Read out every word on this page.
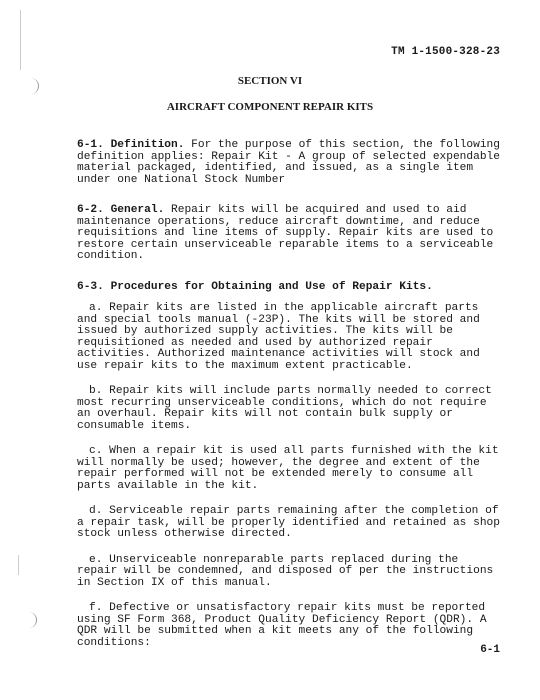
TM 1-1500-328-23
SECTION VI
AIRCRAFT COMPONENT REPAIR KITS

6-1. Definition. For the purpose of this section, the following definition applies: Repair Kit - A group of selected expendable material packaged, identified, and issued, as a single item under one National Stock Number

6-2. General. Repair kits will be acquired and used to aid maintenance operations, reduce aircraft downtime, and reduce requisitions and line items of supply. Repair kits are used to restore certain unserviceable reparable items to a serviceable condition.

6-3. Procedures for Obtaining and Use of Repair Kits.

a. Repair kits are listed in the applicable aircraft parts and special tools manual (-23P). The kits will be stored and issued by authorized supply activities. The kits will be requisitioned as needed and used by authorized repair activities. Authorized maintenance activities will stock and use repair kits to the maximum extent practicable.

b. Repair kits will include parts normally needed to correct most recurring unserviceable conditions, which do not require an overhaul. Repair kits will not contain bulk supply or consumable items.

c. When a repair kit is used all parts furnished with the kit will normally be used; however, the degree and extent of the repair performed will not be extended merely to consume all parts available in the kit.

d. Serviceable repair parts remaining after the completion of a repair task, will be properly identified and retained as shop stock unless otherwise directed.

e. Unserviceable nonreparable parts replaced during the repair will be condemned, and disposed of per the instructions in Section IX of this manual.

f. Defective or unsatisfactory repair kits must be reported using SF Form 368, Product Quality Deficiency Report (QDR). A QDR will be submitted when a kit meets any of the following conditions:

6-1
